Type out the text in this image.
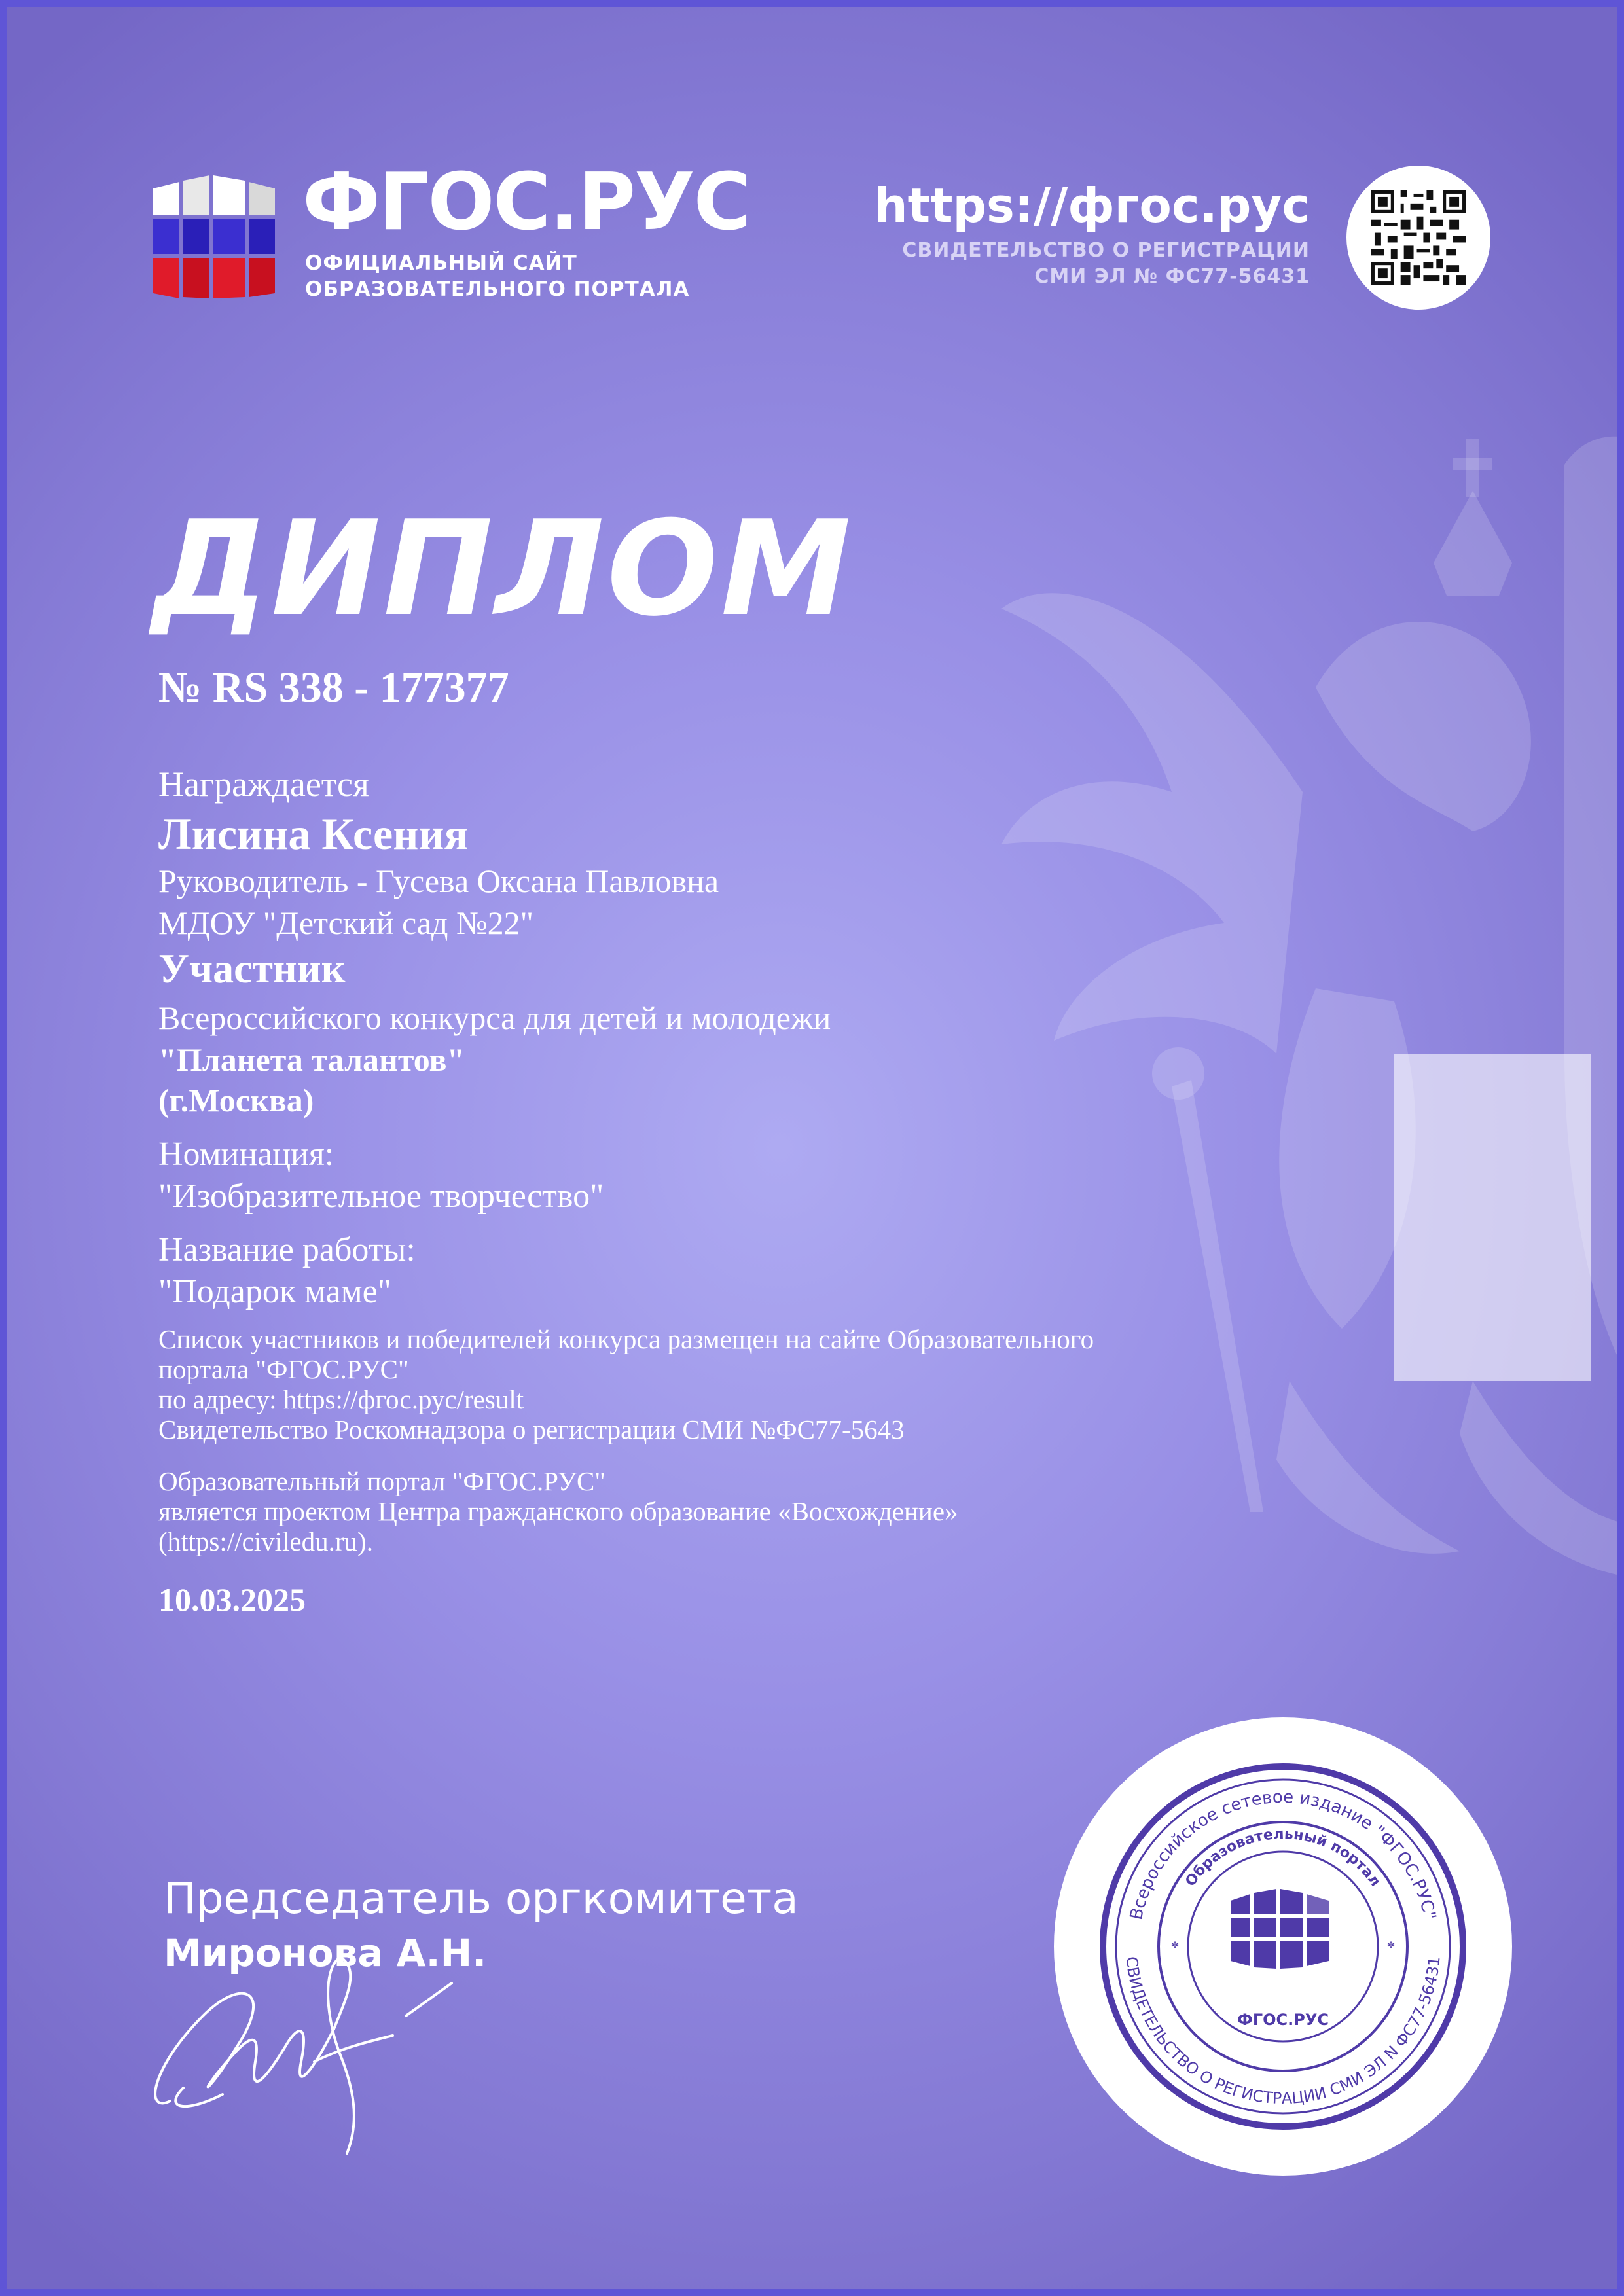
ФГОС.РУС
ОФИЦИАЛЬНЫЙ САЙТ
ОБРАЗОВАТЕЛЬНОГО ПОРТАЛА
https://фгос.рус
СВИДЕТЕЛЬСТВО О РЕГИСТРАЦИИ
СМИ ЭЛ № ФС77-56431
ДИПЛОМ
№ RS 338 - 177377
Награждается
Лисина Ксения
Руководитель - Гусева Оксана Павловна
МДОУ "Детский сад №22"
Участник
Всероссийского конкурса для детей и молодежи
"Планета талантов"
(г.Москва)
Номинация:
"Изобразительное творчество"
Название работы:
"Подарок маме"
Список участников и победителей конкурса размещен на сайте Образовательного
портала "ФГОС.РУС"
по адресу: https://фгос.рус/result
Свидетельство Роскомнадзора о регистрации СМИ №ФС77-5643
Образовательный портал "ФГОС.РУС"
является проектом Центра гражданского образование «Восхождение»
(https://civiledu.ru).
10.03.2025
Председатель оргкомитета
Миронова А.Н.
Всероссийское сетевое издание "ФГОС.РУС"
Образовательный портал
СВИДЕТЕЛЬСТВО О РЕГИСТРАЦИИ СМИ ЭЛ N ФС77-56431
*	*
ФГОС.РУС
